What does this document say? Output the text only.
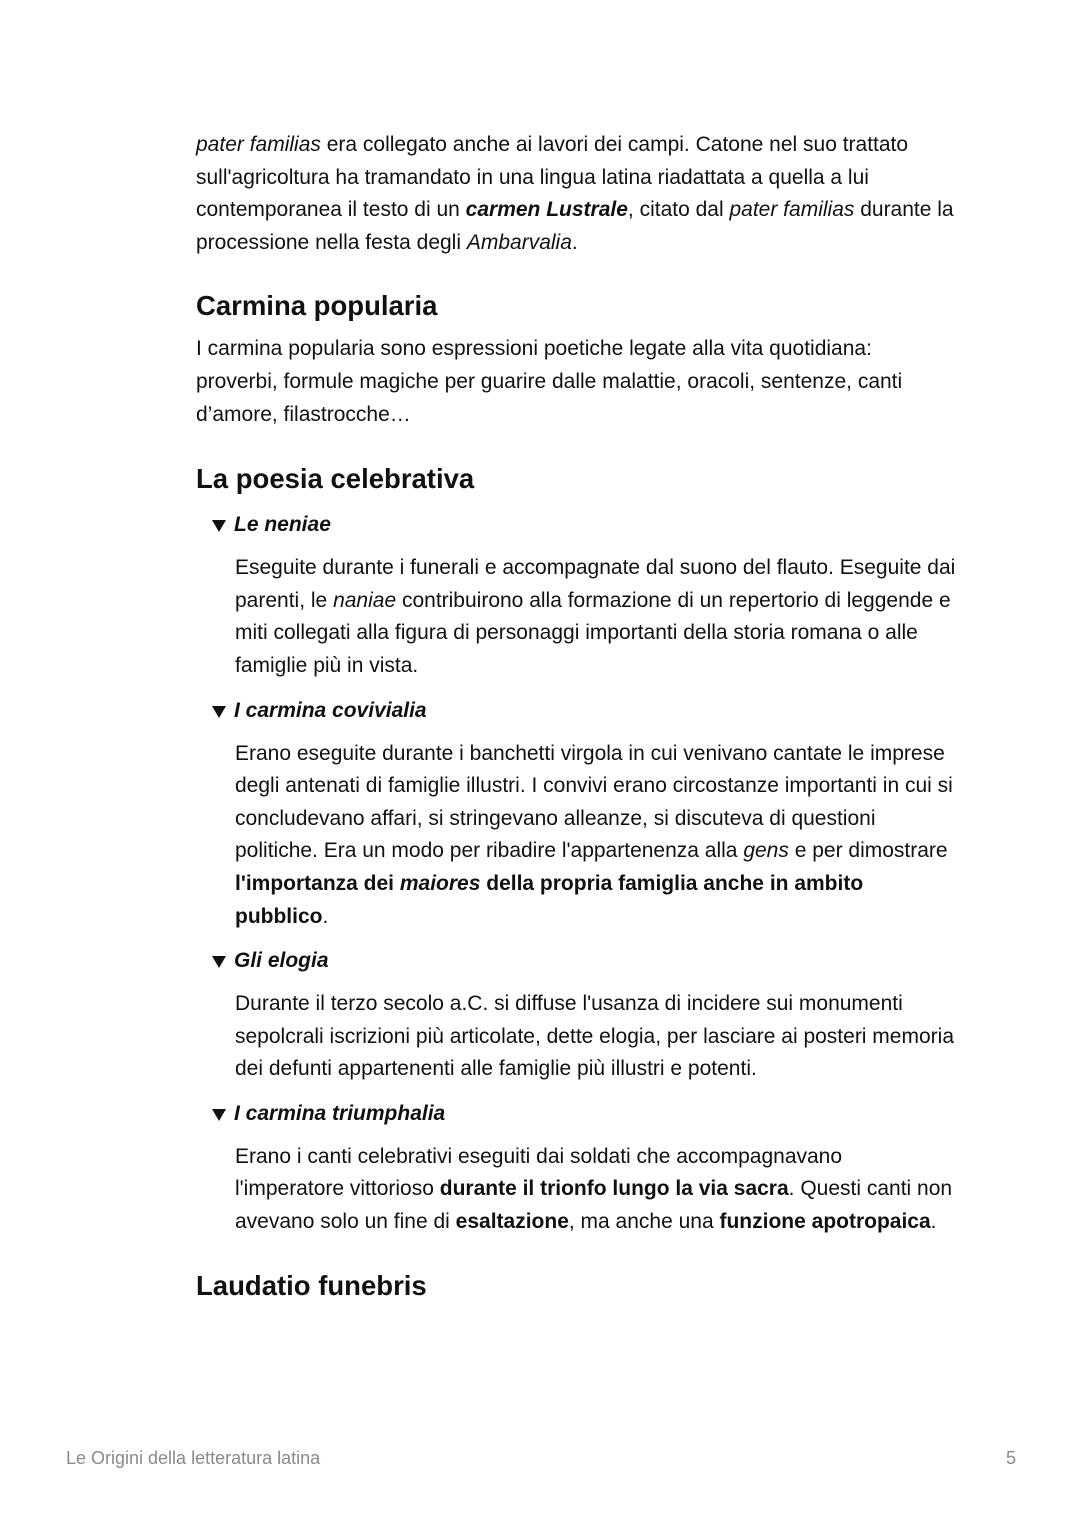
pater familias era collegato anche ai lavori dei campi. Catone nel suo trattato sull'agricoltura ha tramandato in una lingua latina riadattata a quella a lui contemporanea il testo di un carmen Lustrale, citato dal pater familias durante la processione nella festa degli Ambarvalia.

Carmina popularia

I carmina popularia sono espressioni poetiche legate alla vita quotidiana: proverbi, formule magiche per guarire dalle malattie, oracoli, sentenze, canti d’amore, filastrocche…

La poesia celebrativa
Le neniae

Eseguite durante i funerali e accompagnate dal suono del flauto. Eseguite dai parenti, le naniae contribuirono alla formazione di un repertorio di leggende e miti collegati alla figura di personaggi importanti della storia romana o alle famiglie più in vista.

I carmina covivialia

Erano eseguite durante i banchetti virgola in cui venivano cantate le imprese degli antenati di famiglie illustri. I convivi erano circostanze importanti in cui si concludevano affari, si stringevano alleanze, si discuteva di questioni politiche. Era un modo per ribadire l'appartenenza alla gens e per dimostrare l'importanza dei maiores della propria famiglia anche in ambito pubblico.

Gli elogia

Durante il terzo secolo a.C. si diffuse l'usanza di incidere sui monumenti sepolcrali iscrizioni più articolate, dette elogia, per lasciare ai posteri memoria dei defunti appartenenti alle famiglie più illustri e potenti.

I carmina triumphalia

Erano i canti celebrativi eseguiti dai soldati che accompagnavano l'imperatore vittorioso durante il trionfo lungo la via sacra. Questi canti non avevano solo un fine di esaltazione, ma anche una funzione apotropaica.

Laudatio funebris
Le Origini della letteratura latina	5
